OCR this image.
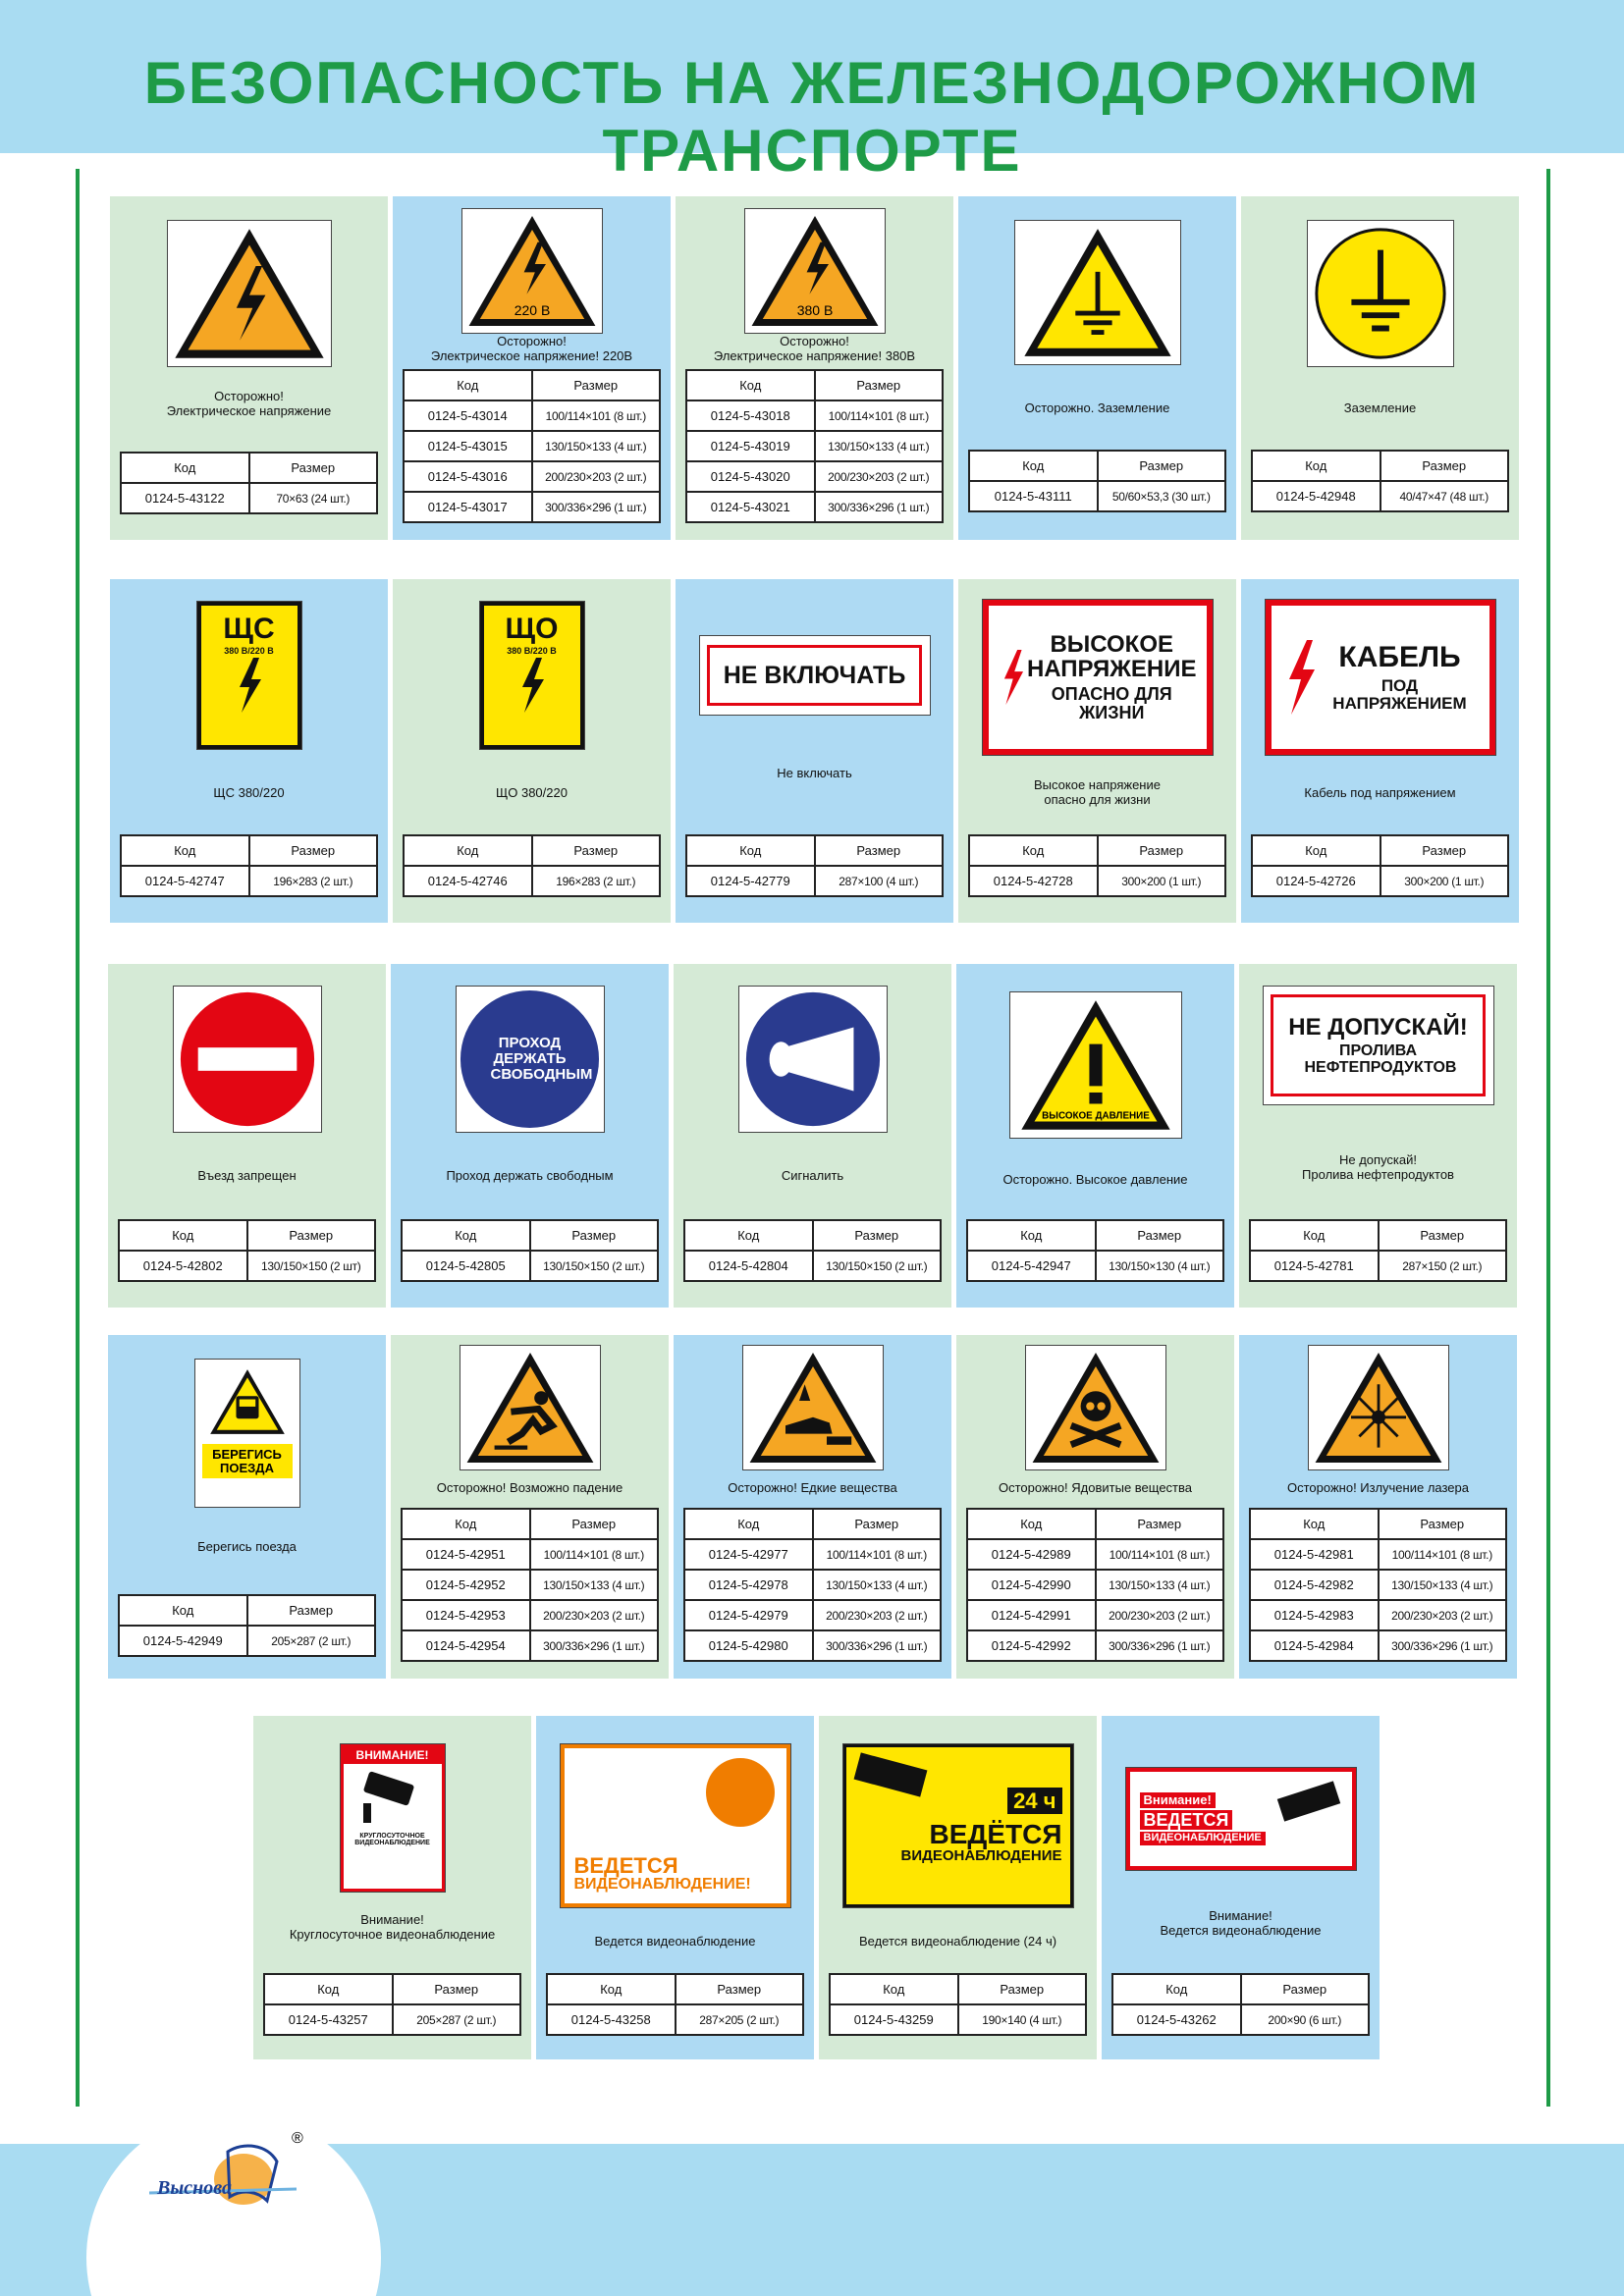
БЕЗОПАСНОСТЬ НА ЖЕЛЕЗНОДОРОЖНОМ ТРАНСПОРТЕ
Осторожно!
Электрическое напряжение
Код	Размер
0124-5-43122	70×63 (24 шт.)
220 В
Осторожно!
Электрическое напряжение! 220В
Код	Размер
0124-5-43014	100/114×101 (8 шт.)
0124-5-43015	130/150×133 (4 шт.)
0124-5-43016	200/230×203 (2 шт.)
0124-5-43017	300/336×296 (1 шт.)
380 В
Осторожно!
Электрическое напряжение! 380В
Код	Размер
0124-5-43018	100/114×101 (8 шт.)
0124-5-43019	130/150×133 (4 шт.)
0124-5-43020	200/230×203 (2 шт.)
0124-5-43021	300/336×296 (1 шт.)
Осторожно. Заземление
Код	Размер
0124-5-43111	50/60×53,3 (30 шт.)
Заземление
Код	Размер
0124-5-42948	40/47×47 (48 шт.)
ЩС
380 В/220 В
ЩС 380/220
Код	Размер
0124-5-42747	196×283 (2 шт.)
ЩО
380 В/220 В
ЩО 380/220
Код	Размер
0124-5-42746	196×283 (2 шт.)
НЕ ВКЛЮЧАТЬ
Не включать
Код	Размер
0124-5-42779	287×100 (4 шт.)
ВЫСОКОЕ НАПРЯЖЕНИЕ
ОПАСНО ДЛЯ ЖИЗНИ
Высокое напряжение
опасно для жизни
Код	Размер
0124-5-42728	300×200 (1 шт.)
КАБЕЛЬ
ПОД НАПРЯЖЕНИЕМ
Кабель под напряжением
Код	Размер
0124-5-42726	300×200 (1 шт.)
Въезд запрещен
Код	Размер
0124-5-42802	130/150×150 (2 шт)
ПРОХОД ДЕРЖАТЬ СВОБОДНЫМ
Проход держать свободным
Код	Размер
0124-5-42805	130/150×150 (2 шт.)
Сигналить
Код	Размер
0124-5-42804	130/150×150 (2 шт.)
ВЫСОКОЕ ДАВЛЕНИЕ
Осторожно. Высокое давление
Код	Размер
0124-5-42947	130/150×130 (4 шт.)
НЕ ДОПУСКАЙ!
ПРОЛИВА НЕФТЕПРОДУКТОВ
Не допускай!
Пролива нефтепродуктов
Код	Размер
0124-5-42781	287×150 (2 шт.)
БЕРЕГИСЬ ПОЕЗДА
Берегись поезда
Код	Размер
0124-5-42949	205×287 (2 шт.)
Осторожно! Возможно падение
Код	Размер
0124-5-42951	100/114×101 (8 шт.)
0124-5-42952	130/150×133 (4 шт.)
0124-5-42953	200/230×203 (2 шт.)
0124-5-42954	300/336×296 (1 шт.)
Осторожно! Едкие вещества
Код	Размер
0124-5-42977	100/114×101 (8 шт.)
0124-5-42978	130/150×133 (4 шт.)
0124-5-42979	200/230×203 (2 шт.)
0124-5-42980	300/336×296 (1 шт.)
Осторожно! Ядовитые вещества
Код	Размер
0124-5-42989	100/114×101 (8 шт.)
0124-5-42990	130/150×133 (4 шт.)
0124-5-42991	200/230×203 (2 шт.)
0124-5-42992	300/336×296 (1 шт.)
Осторожно! Излучение лазера
Код	Размер
0124-5-42981	100/114×101 (8 шт.)
0124-5-42982	130/150×133 (4 шт.)
0124-5-42983	200/230×203 (2 шт.)
0124-5-42984	300/336×296 (1 шт.)
ВНИМАНИЕ!
КРУГЛОСУТОЧНОЕ ВИДЕОНАБЛЮДЕНИЕ
Внимание!
Круглосуточное видеонаблюдение
Код	Размер
0124-5-43257	205×287 (2 шт.)
ВЕДЕТСЯ
ВИДЕОНАБЛЮДЕНИЕ!
Ведется видеонаблюдение
Код	Размер
0124-5-43258	287×205 (2 шт.)
24 ч
ВЕДЁТСЯ
ВИДЕОНАБЛЮДЕНИЕ
Ведется видеонаблюдение (24 ч)
Код	Размер
0124-5-43259	190×140 (4 шт.)
Внимание!
ВЕДЕТСЯ
ВИДЕОНАБЛЮДЕНИЕ
Внимание!
Ведется видеонаблюдение
Код	Размер
0124-5-43262	200×90 (6 шт.)
Выснова
®
